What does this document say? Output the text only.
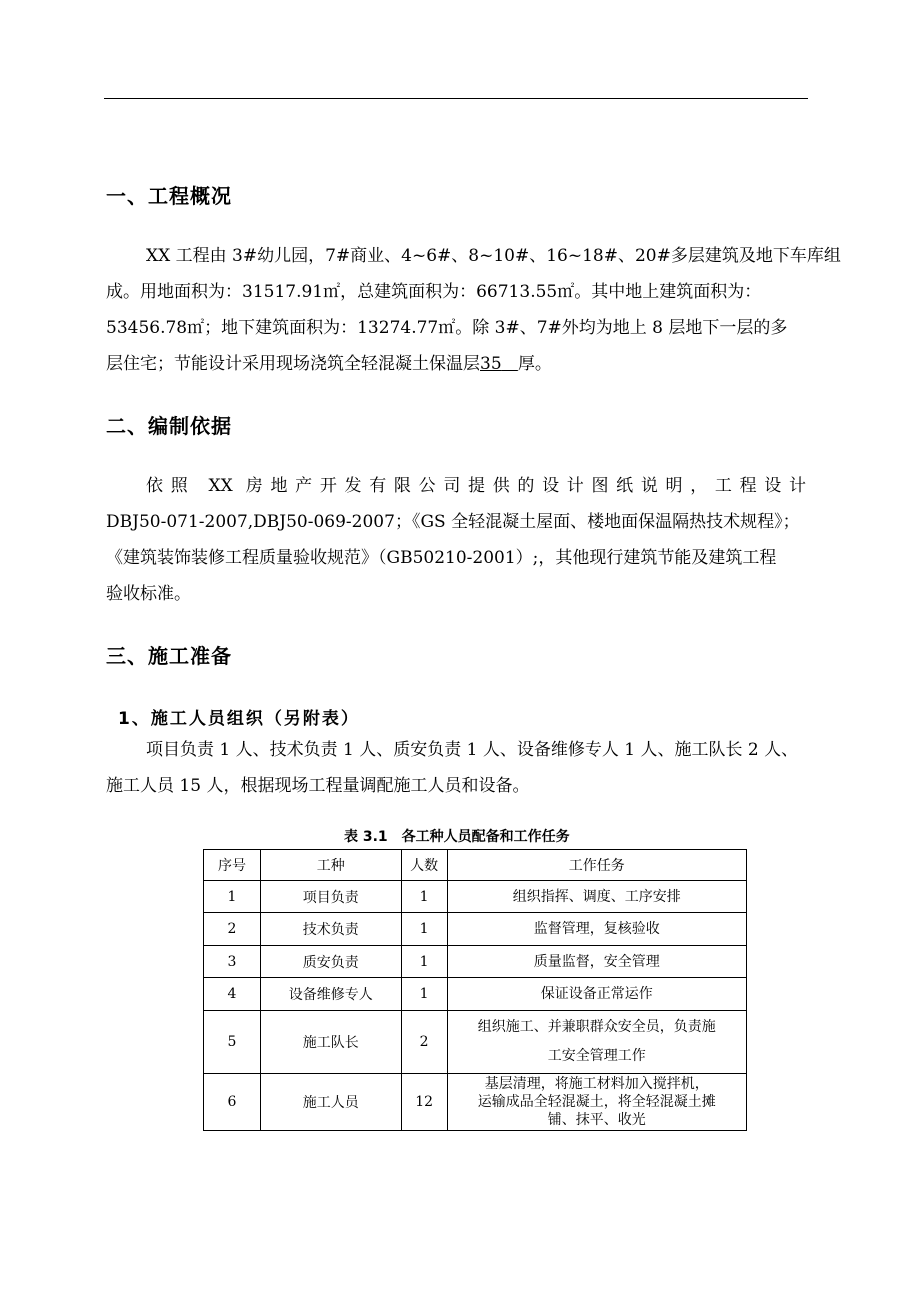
一、工程概况
XX 工程由 3#幼儿园，7#商业、4~6#、8~10#、16~18#、20#多层建筑及地下车库组
成。用地面积为：31517.91㎡，总建筑面积为：66713.55㎡。其中地上建筑面积为：
53456.78㎡；地下建筑面积为：13274.77㎡。除 3#、7#外均为地上 8 层地下一层的多
层住宅；节能设计采用现场浇筑全轻混凝土保温层35 厚。
二、编制依据
依照 XX 房地产开发有限公司提供的设计图纸说明，工程设计
DBJ50-071-2007,DBJ50-069-2007；《GS 全轻混凝土屋面、楼地面保温隔热技术规程》；
《建筑装饰装修工程质量验收规范》（GB50210-2001）;，其他现行建筑节能及建筑工程
验收标准。
三、施工准备
1、施工人员组织（另附表）
项目负责 1 人、技术负责 1 人、质安负责 1 人、设备维修专人 1 人、施工队长 2 人、
施工人员 15 人，根据现场工程量调配施工人员和设备。
表 3.1　各工种人员配备和工作任务
序号	工种	人数	工作任务
1	项目负责	1	组织指挥、调度、工序安排
2	技术负责	1	监督管理，复核验收
3	质安负责	1	质量监督，安全管理
4	设备维修专人	1	保证设备正常运作
5	施工队长	2	组织施工、并兼职群众安全员，负责施
工安全管理工作
6	施工人员	12	基层清理，将施工材料加入搅拌机，
运输成品全轻混凝土，将全轻混凝土摊
铺、抹平、收光
